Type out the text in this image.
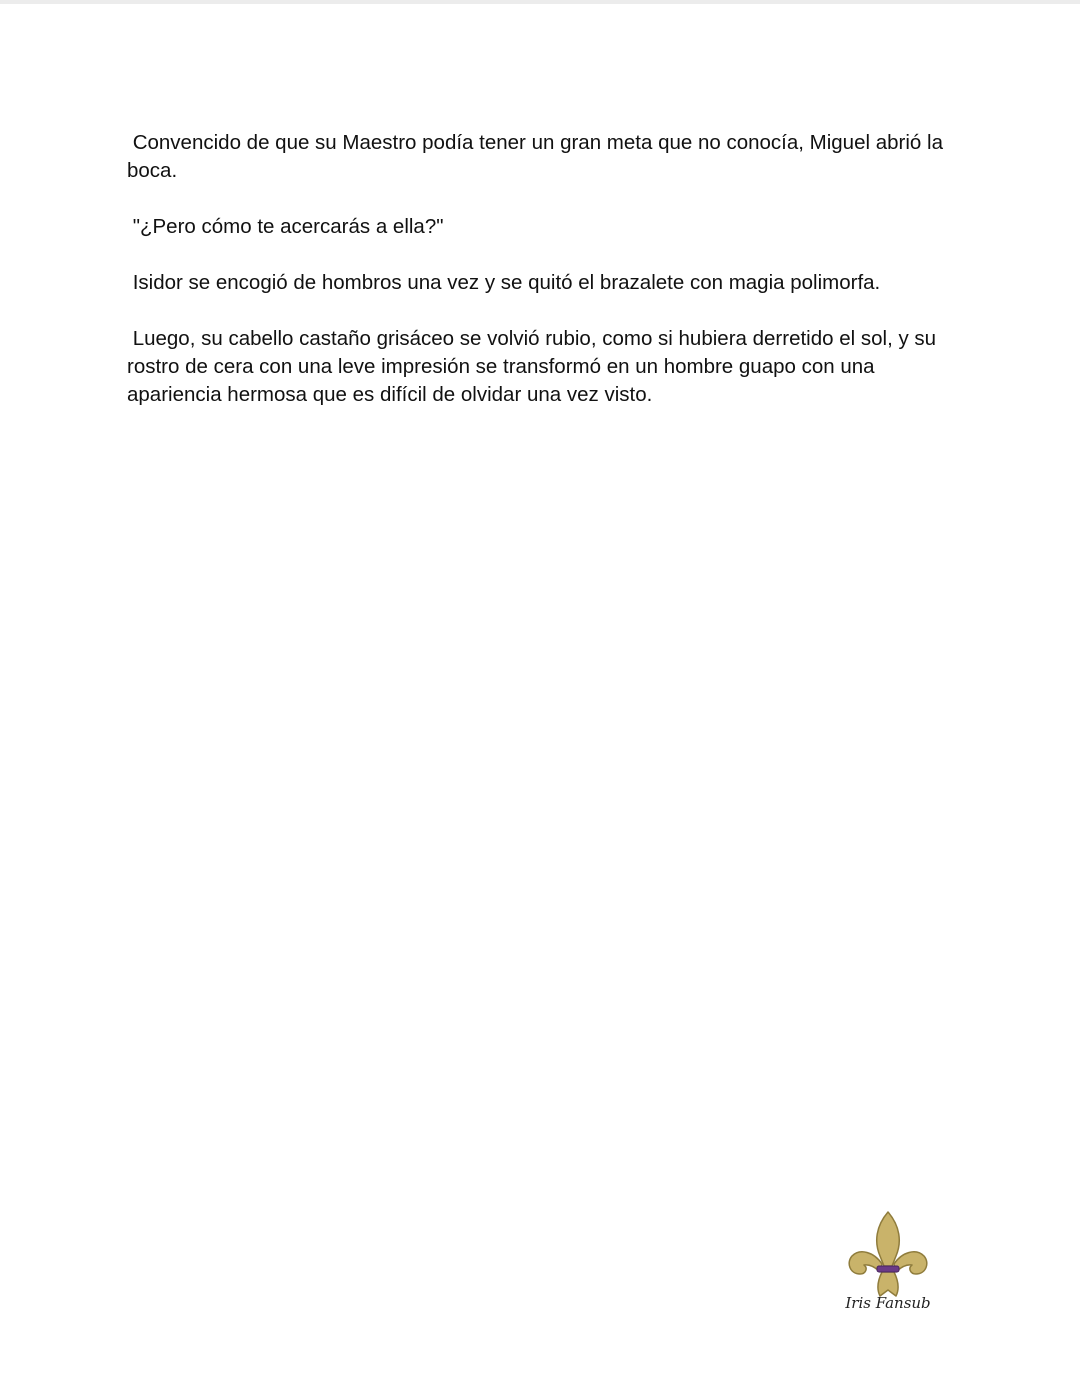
Convencido de que su Maestro podía tener un gran meta que no conocía, Miguel abrió la boca.

"¿Pero cómo te acercarás a ella?"

Isidor se encogió de hombros una vez y se quitó el brazalete con magia polimorfa.

Luego, su cabello castaño grisáceo se volvió rubio, como si hubiera derretido el sol, y su rostro de cera con una leve impresión se transformó en un hombre guapo con una apariencia hermosa que es difícil de olvidar una vez visto.

Iris Fansub
